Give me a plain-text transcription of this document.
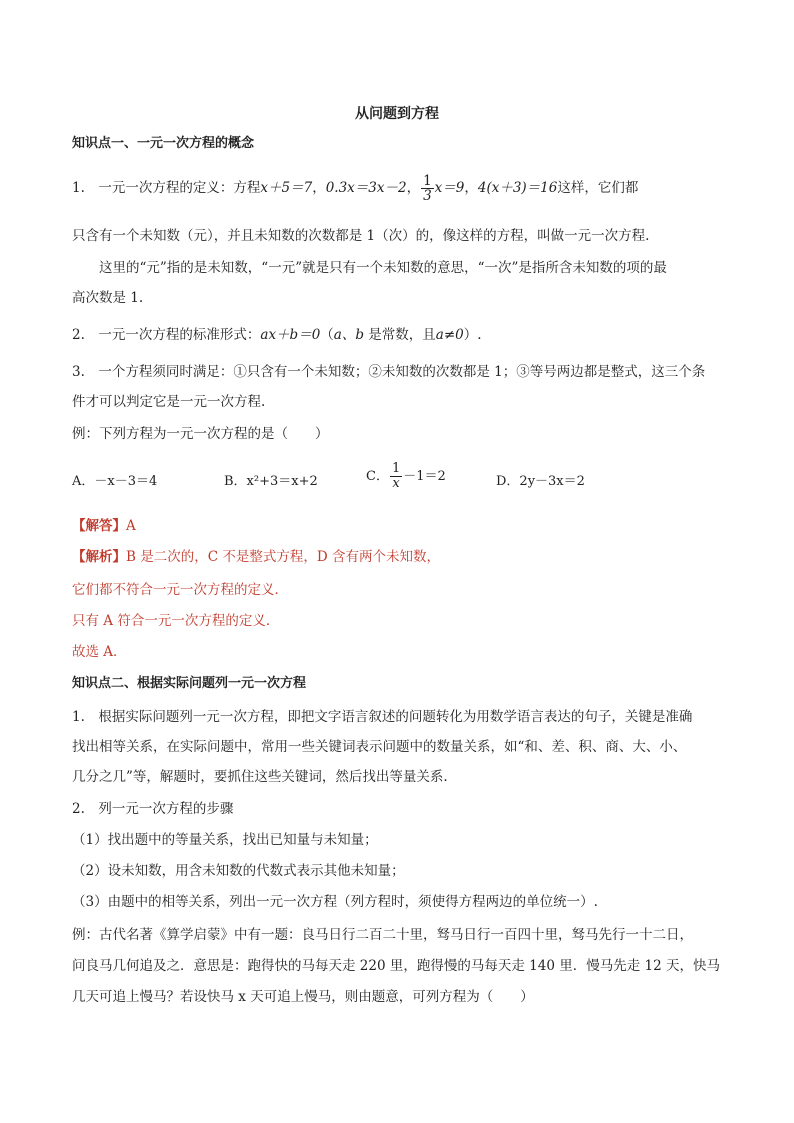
从问题到方程
知识点一、一元一次方程的概念
1.　一元一次方程的定义：方程x＋5＝7，0.3x＝3x－2， $\frac{1}{3} x=9$，4(x＋3)＝16这样，它们都
只含有一个未知数（元），并且未知数的次数都是 1（次）的，像这样的方程，叫做一元一次方程.
　　这里的“元”指的是未知数，“一元”就是只有一个未知数的意思，“一次”是指所含未知数的项的最
高次数是 1.
2.　一元一次方程的标准形式：ax＋b＝0（a、b 是常数，且a≠0）.
3.　一个方程须同时满足：①只含有一个未知数；②未知数的次数都是 1；③等号两边都是整式，这三个条
件才可以判定它是一元一次方程.
例：下列方程为一元一次方程的是（　　）
A．－x－3＝4	B．x²+3＝x+2	C． $\frac{1}{x} -1=2$	D．2y－3x＝2
【解答】A
【解析】B 是二次的，C 不是整式方程，D 含有两个未知数，
它们都不符合一元一次方程的定义．
只有 A 符合一元一次方程的定义．
故选 A．
知识点二、根据实际问题列一元一次方程
1.　根据实际问题列一元一次方程，即把文字语言叙述的问题转化为用数学语言表达的句子，关键是准确
找出相等关系，在实际问题中，常用一些关键词表示问题中的数量关系，如“和、差、积、商、大、小、
几分之几”等，解题时，要抓住这些关键词，然后找出等量关系.
2.　列一元一次方程的步骤
（1）找出题中的等量关系，找出已知量与未知量；
（2）设未知数，用含未知数的代数式表示其他未知量；
（3）由题中的相等关系，列出一元一次方程（列方程时，须使得方程两边的单位统一）.
例：古代名著《算学启蒙》中有一题：良马日行二百二十里，驽马日行一百四十里，驽马先行一十二日，
问良马几何追及之．意思是：跑得快的马每天走 220 里，跑得慢的马每天走 140 里．慢马先走 12 天，快马
几天可追上慢马？若设快马 x 天可追上慢马，则由题意，可列方程为（　　）
